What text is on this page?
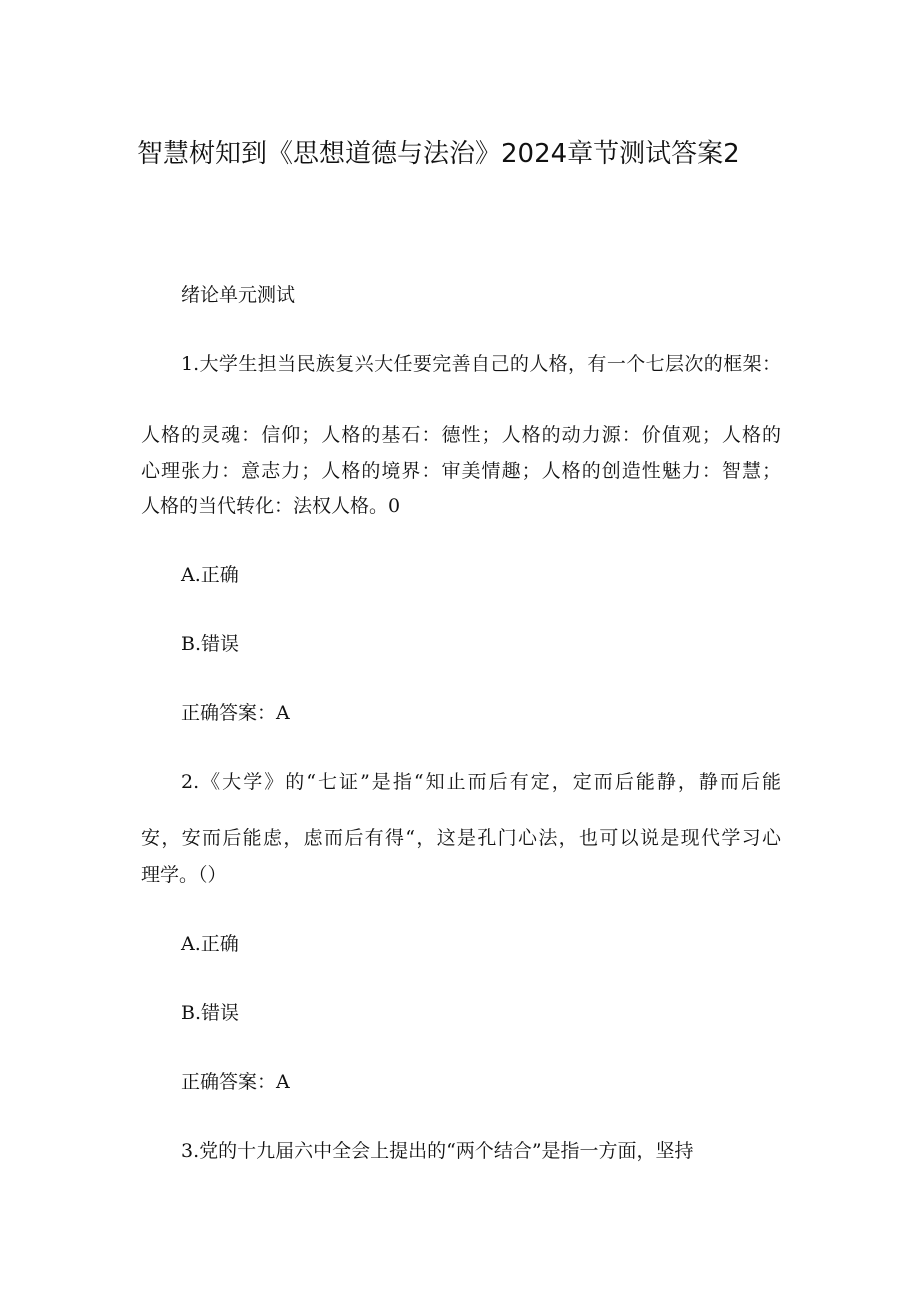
智慧树知到《思想道德与法治》2024章节测试答案2
绪论单元测试
1.大学生担当民族复兴大任要完善自己的人格，有一个七层次的框架：
人格的灵魂：信仰；人格的基石：德性；人格的动力源：价值观；人格的
心理张力：意志力；人格的境界：审美情趣；人格的创造性魅力：智慧；
人格的当代转化：法权人格。0
A.正确
B.错误
正确答案：A
2.《大学》的“七证”是指“知止而后有定，定而后能静，静而后能
安，安而后能虑，虑而后有得“，这是孔门心法，也可以说是现代学习心
理学。（）
A.正确
B.错误
正确答案：A
3.党的十九届六中全会上提出的“两个结合”是指一方面，坚持
